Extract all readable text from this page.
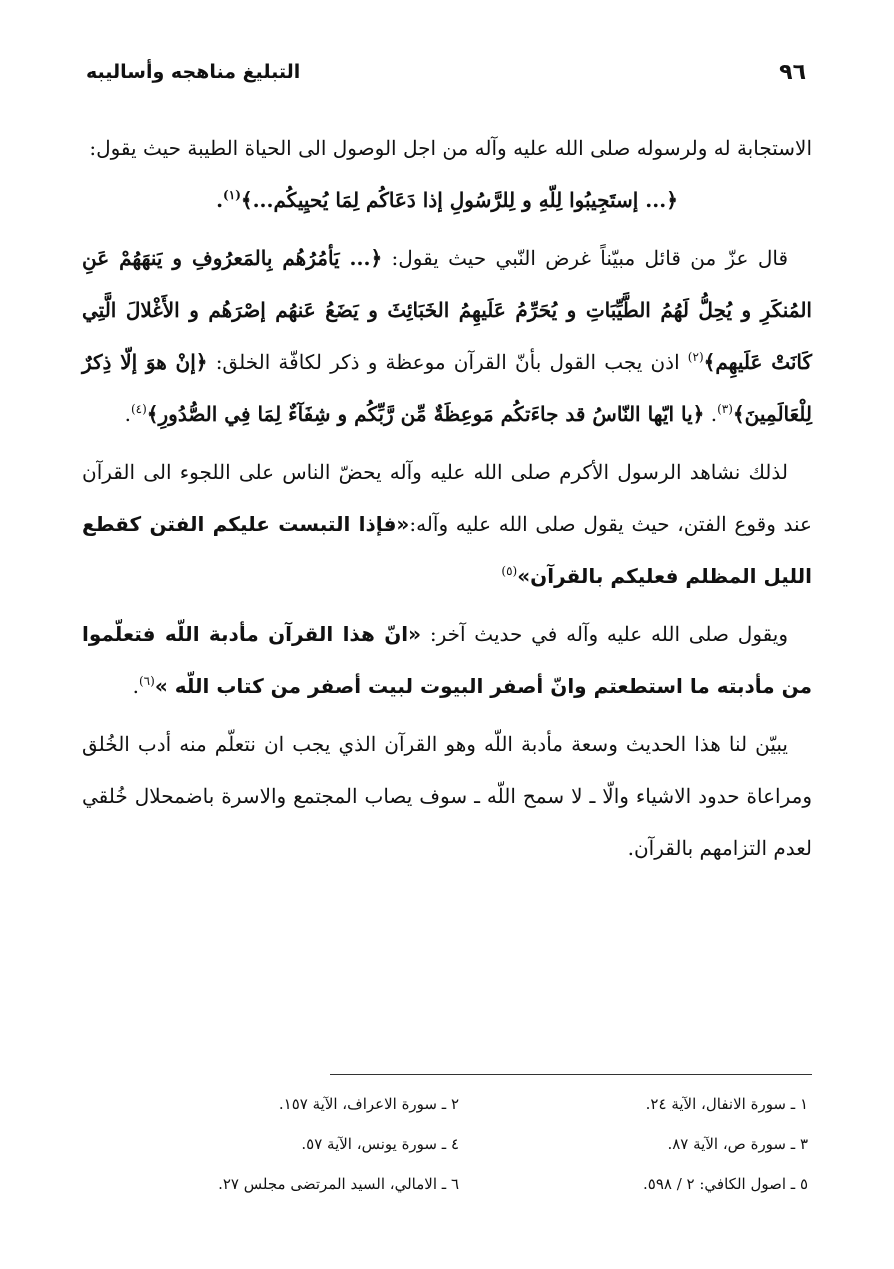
٩٦
التبليغ مناهجه وأساليبه

الاستجابة له ولرسوله صلى الله عليه وآله من اجل الوصول الى الحياة الطيبة حيث يقول:

﴿... إستَجِيبُوا لِلّهِ و لِلرَّسُولِ إذا دَعَاكُم لِمَا يُحيِيكُم...﴾$^{(١)}$.

قال عزّ من قائل مبيّناً غرض النّبي حيث يقول: ﴿... يَأمُرُهُم بِالمَعرُوفِ و يَنهَهُمْ عَنِ المُنكَرِ و يُحِلُّ لَهُمُ الطَّيِّبَاتِ و يُحَرِّمُ عَلَيهِمُ الخَبَائِثَ و يَضَعُ عَنهُم إصْرَهُم و الأَغْلالَ الَّتِي كَانَتْ عَلَيهِم﴾$^{(٢)}$ اذن يجب القول بأنّ القرآن موعظة و ذكر لكافّة الخلق: ﴿إنْ هوَ إلّا ذِكرٌ لِلْعَالَمِينَ﴾$^{(٣)}$. ﴿يا ايّها النّاسُ قد جاءَتكُم مَوعِظَةٌ مِّن رَّبِّكُم و شِفَآءٌ لِمَا فِي الصُّدُورِ﴾$^{(٤)}$.

لذلك نشاهد الرسول الأكرم صلى الله عليه وآله يحضّ الناس على اللجوء الى القرآن عند وقوع الفتن، حيث يقول صلى الله عليه وآله:«فإذا التبست عليكم الفتن كقطع الليل المظلم فعليكم بالقرآن»$^{(٥)}$

ويقول صلى الله عليه وآله في حديث آخر: «انّ هذا القرآن مأدبة اللّه فتعلّموا من مأدبته ما استطعتم وانّ أصفر البيوت لبيت أصفر من كتاب اللّه »$^{(٦)}$.

يبيّن لنا هذا الحديث وسعة مأدبة اللّه وهو القرآن الذي يجب ان نتعلّم منه أدب الخُلق ومراعاة حدود الاشياء والّا ـ لا سمح اللّه ـ سوف يصاب المجتمع والاسرة باضمحلال خُلقي لعدم التزامهم بالقرآن.

١ ـ سورة الانفال، الآية ٢٤.
٢ ـ سورة الاعراف، الآية ١٥٧.
٣ ـ سورة ص، الآية ٨٧.
٤ ـ سورة يونس، الآية ٥٧.
٥ ـ اصول الكافي: ٢ / ٥٩٨.
٦ ـ الامالي، السيد المرتضى مجلس ٢٧.
